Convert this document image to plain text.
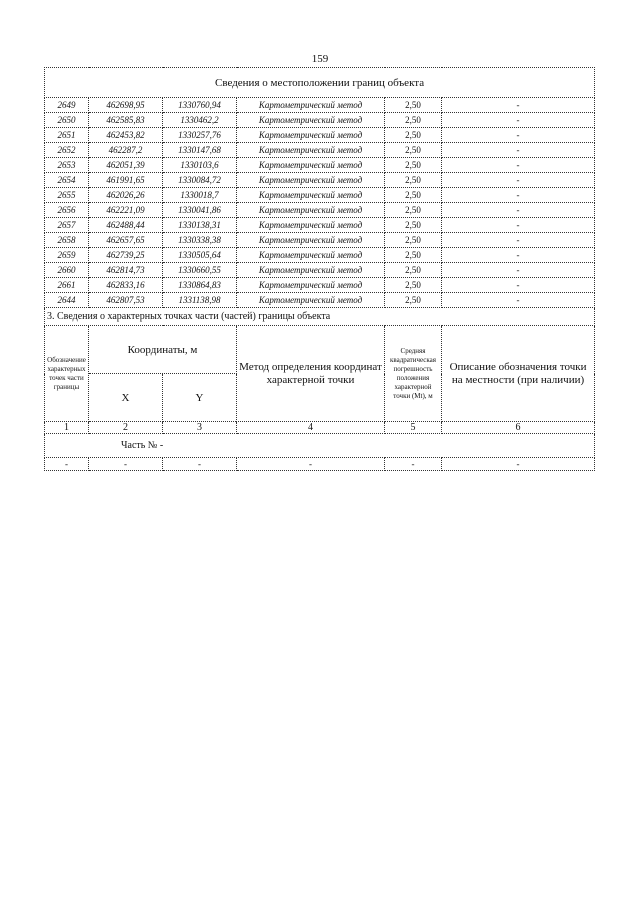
159
Сведения о местоположении границ объекта					
2649	462698,95	1330760,94	Картометрический метод	2,50	-
2650	462585,83	1330462,2	Картометрический метод	2,50	-
2651	462453,82	1330257,76	Картометрический метод	2,50	-
2652	462287,2	1330147,68	Картометрический метод	2,50	-
2653	462051,39	1330103,6	Картометрический метод	2,50	-
2654	461991,65	1330084,72	Картометрический метод	2,50	-
2655	462026,26	1330018,7	Картометрический метод	2,50	-
2656	462221,09	1330041,86	Картометрический метод	2,50	-
2657	462488,44	1330138,31	Картометрический метод	2,50	-
2658	462657,65	1330338,38	Картометрический метод	2,50	-
2659	462739,25	1330505,64	Картометрический метод	2,50	-
2660	462814,73	1330660,55	Картометрический метод	2,50	-
2661	462833,16	1330864,83	Картометрический метод	2,50	-
2644	462807,53	1331138,98	Картометрический метод	2,50	-
3. Сведения о характерных точках части (частей) границы объекта					
Обозначение характерных точек части границы	Координаты, м		Метод определения координат характерной точки	Средняя квадратическая погрешность положения характерной точки (Mt), м	Описание обозначения точки на местности (при наличии)
	X	Y			
1	2	3	4	5	6
Часть № -					
-	-	-	-	-	-
